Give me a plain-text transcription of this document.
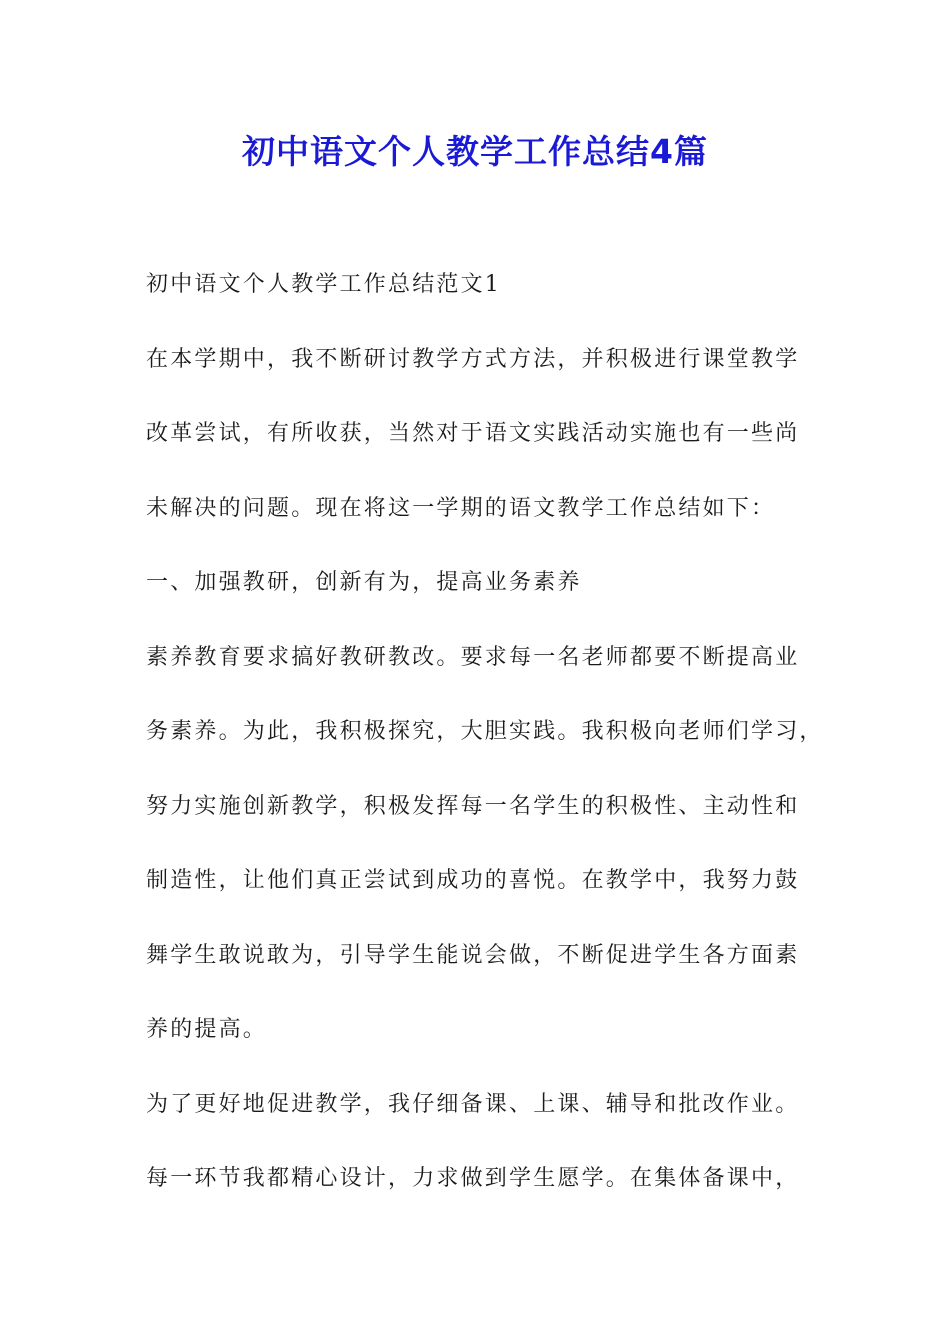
初中语文个人教学工作总结4篇
初中语文个人教学工作总结范文1
在本学期中，我不断研讨教学方式方法，并积极进行课堂教学
改革尝试，有所收获，当然对于语文实践活动实施也有一些尚
未解决的问题。现在将这一学期的语文教学工作总结如下：
一、加强教研，创新有为，提高业务素养
素养教育要求搞好教研教改。要求每一名老师都要不断提高业
务素养。为此，我积极探究，大胆实践。我积极向老师们学习，
努力实施创新教学，积极发挥每一名学生的积极性、主动性和
制造性，让他们真正尝试到成功的喜悦。在教学中，我努力鼓
舞学生敢说敢为，引导学生能说会做，不断促进学生各方面素
养的提高。
为了更好地促进教学，我仔细备课、上课、辅导和批改作业。
每一环节我都精心设计，力求做到学生愿学。在集体备课中，
